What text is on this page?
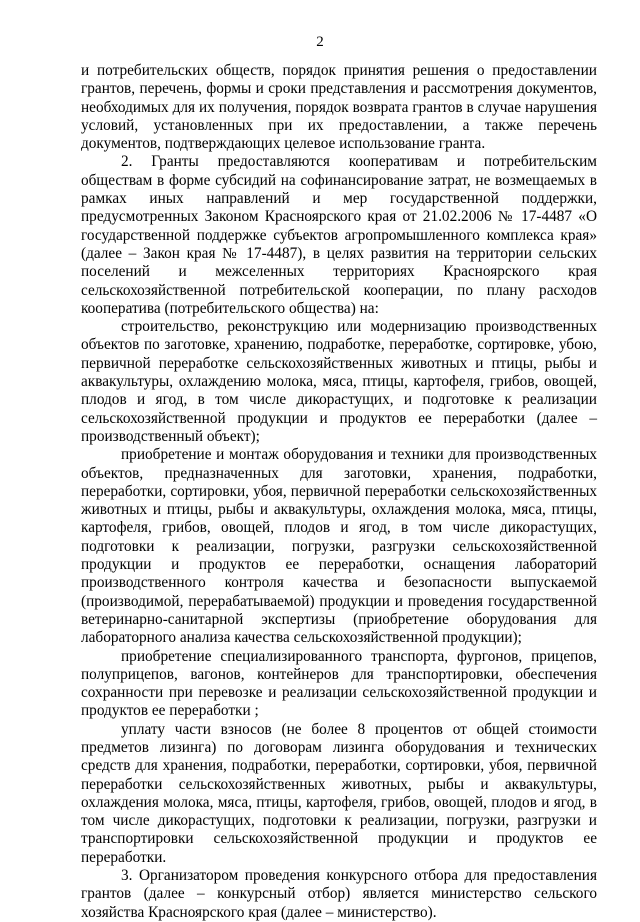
2

и потребительских обществ, порядок принятия решения о предоставлении грантов, перечень, формы и сроки представления и рассмотрения документов, необходимых для их получения, порядок возврата грантов в случае нарушения условий, установленных при их предоставлении, а также перечень документов, подтверждающих целевое использование гранта.

2. Гранты предоставляются кооперативам и потребительским обществам в форме субсидий на софинансирование затрат, не возмещаемых в рамках иных направлений и мер государственной поддержки, предусмотренных Законом Красноярского края от 21.02.2006 № 17-4487 «О государственной поддержке субъектов агропромышленного комплекса края» (далее – Закон края № 17-4487), в целях развития на территории сельских поселений и межселенных территориях Красноярского края сельскохозяйственной потребительской кооперации, по плану расходов кооператива (потребительского общества) на:

строительство, реконструкцию или модернизацию производственных объектов по заготовке, хранению, подработке, переработке, сортировке, убою, первичной переработке сельскохозяйственных животных и птицы, рыбы и аквакультуры, охлаждению молока, мяса, птицы, картофеля, грибов, овощей, плодов и ягод, в том числе дикорастущих, и подготовке к реализации сельскохозяйственной продукции и продуктов ее переработки (далее – производственный объект);

приобретение и монтаж оборудования и техники для производственных объектов, предназначенных для заготовки, хранения, подработки, переработки, сортировки, убоя, первичной переработки сельскохозяйственных животных и птицы, рыбы и аквакультуры, охлаждения молока, мяса, птицы, картофеля, грибов, овощей, плодов и ягод, в том числе дикорастущих, подготовки к реализации, погрузки, разгрузки сельскохозяйственной продукции и продуктов ее переработки, оснащения лабораторий производственного контроля качества и безопасности выпускаемой (производимой, перерабатываемой) продукции и проведения государственной ветеринарно-санитарной экспертизы (приобретение оборудования для лабораторного анализа качества сельскохозяйственной продукции);

приобретение специализированного транспорта, фургонов, прицепов, полуприцепов, вагонов, контейнеров для транспортировки, обеспечения сохранности при перевозке и реализации сельскохозяйственной продукции и продуктов ее переработки ;

уплату части взносов (не более 8 процентов от общей стоимости предметов лизинга) по договорам лизинга оборудования и технических средств для хранения, подработки, переработки, сортировки, убоя, первичной переработки сельскохозяйственных животных, рыбы и аквакультуры, охлаждения молока, мяса, птицы, картофеля, грибов, овощей, плодов и ягод, в том числе дикорастущих, подготовки к реализации, погрузки, разгрузки и транспортировки сельскохозяйственной продукции и продуктов ее переработки.

3. Организатором проведения конкурсного отбора для предоставления грантов (далее – конкурсный отбор) является министерство сельского хозяйства Красноярского края (далее – министерство).
